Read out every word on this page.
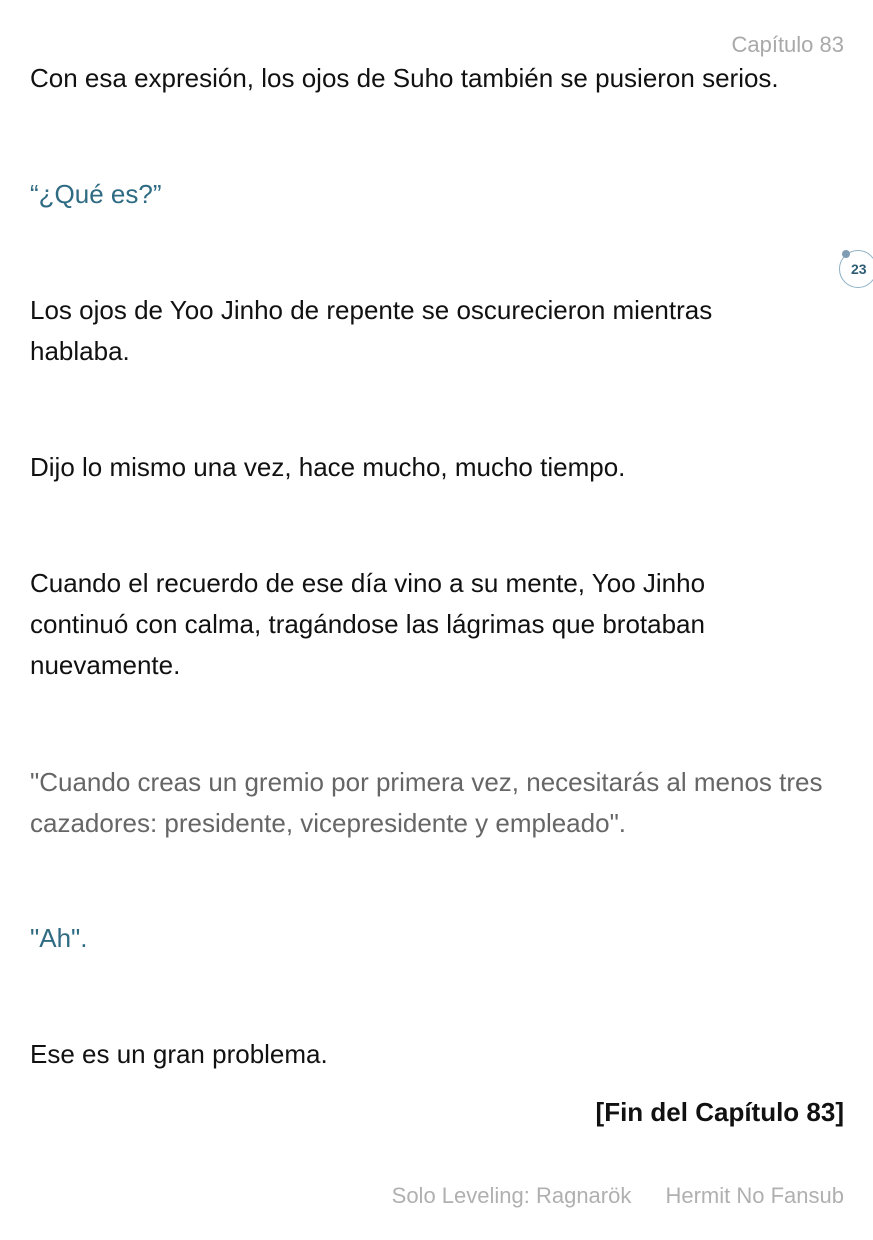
Capítulo 83

Con esa expresión, los ojos de Suho también se pusieron serios.

“¿Qué es?”

23

Los ojos de Yoo Jinho de repente se oscurecieron mientras hablaba.

Dijo lo mismo una vez, hace mucho, mucho tiempo.

Cuando el recuerdo de ese día vino a su mente, Yoo Jinho continuó con calma, tragándose las lágrimas que brotaban nuevamente.

"Cuando creas un gremio por primera vez, necesitarás al menos tres cazadores: presidente, vicepresidente y empleado".

"Ah".

Ese es un gran problema.

[Fin del Capítulo 83]
Solo Leveling: Ragnarök Hermit No Fansub
